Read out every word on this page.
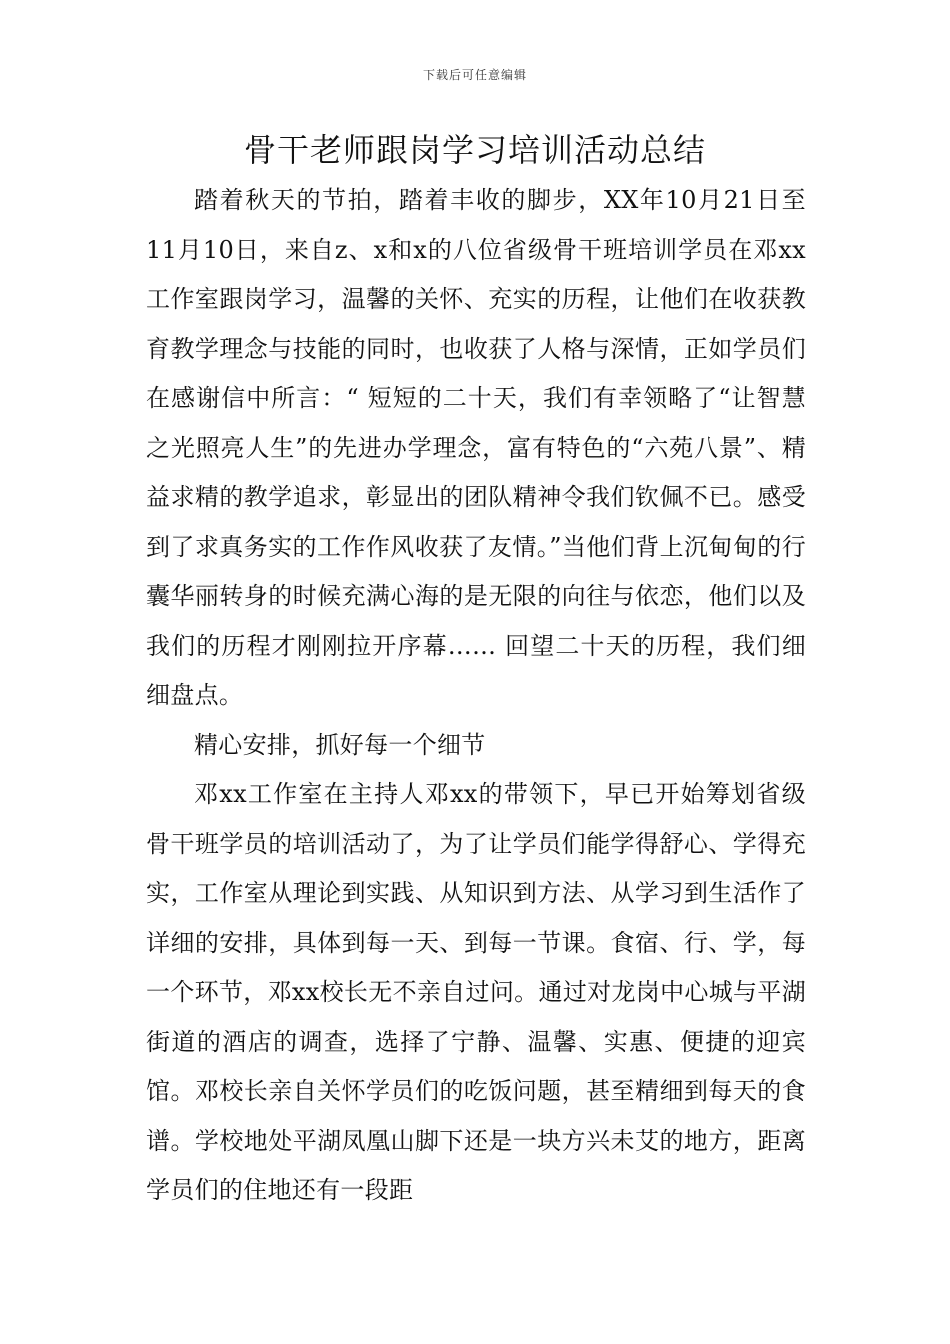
下载后可任意编辑
骨干老师跟岗学习培训活动总结

踏着秋天的节拍，踏着丰收的脚步，XX年10月21日至11月10日，来自z、x和x的八位省级骨干班培训学员在邓xx工作室跟岗学习，温馨的关怀、充实的历程，让他们在收获教育教学理念与技能的同时，也收获了人格与深情，正如学员们在感谢信中所言：“ 短短的二十天，我们有幸领略了“让智慧之光照亮人生”的先进办学理念，富有特色的“六苑八景”、精益求精的教学追求，彰显出的团队精神令我们钦佩不已。感受到了求真务实的工作作风收获了友情。”当他们背上沉甸甸的行囊华丽转身的时候充满心海的是无限的向往与依恋，他们以及我们的历程才刚刚拉开序幕…… 回望二十天的历程，我们细细盘点。

精心安排，抓好每一个细节

邓xx工作室在主持人邓xx的带领下，早已开始筹划省级骨干班学员的培训活动了，为了让学员们能学得舒心、学得充实，工作室从理论到实践、从知识到方法、从学习到生活作了详细的安排，具体到每一天、到每一节课。食宿、行、学，每一个环节，邓xx校长无不亲自过问。通过对龙岗中心城与平湖街道的酒店的调查，选择了宁静、温馨、实惠、便捷的迎宾馆。邓校长亲自关怀学员们的吃饭问题，甚至精细到每天的食谱。学校地处平湖凤凰山脚下还是一块方兴未艾的地方，距离学员们的住地还有一段距
